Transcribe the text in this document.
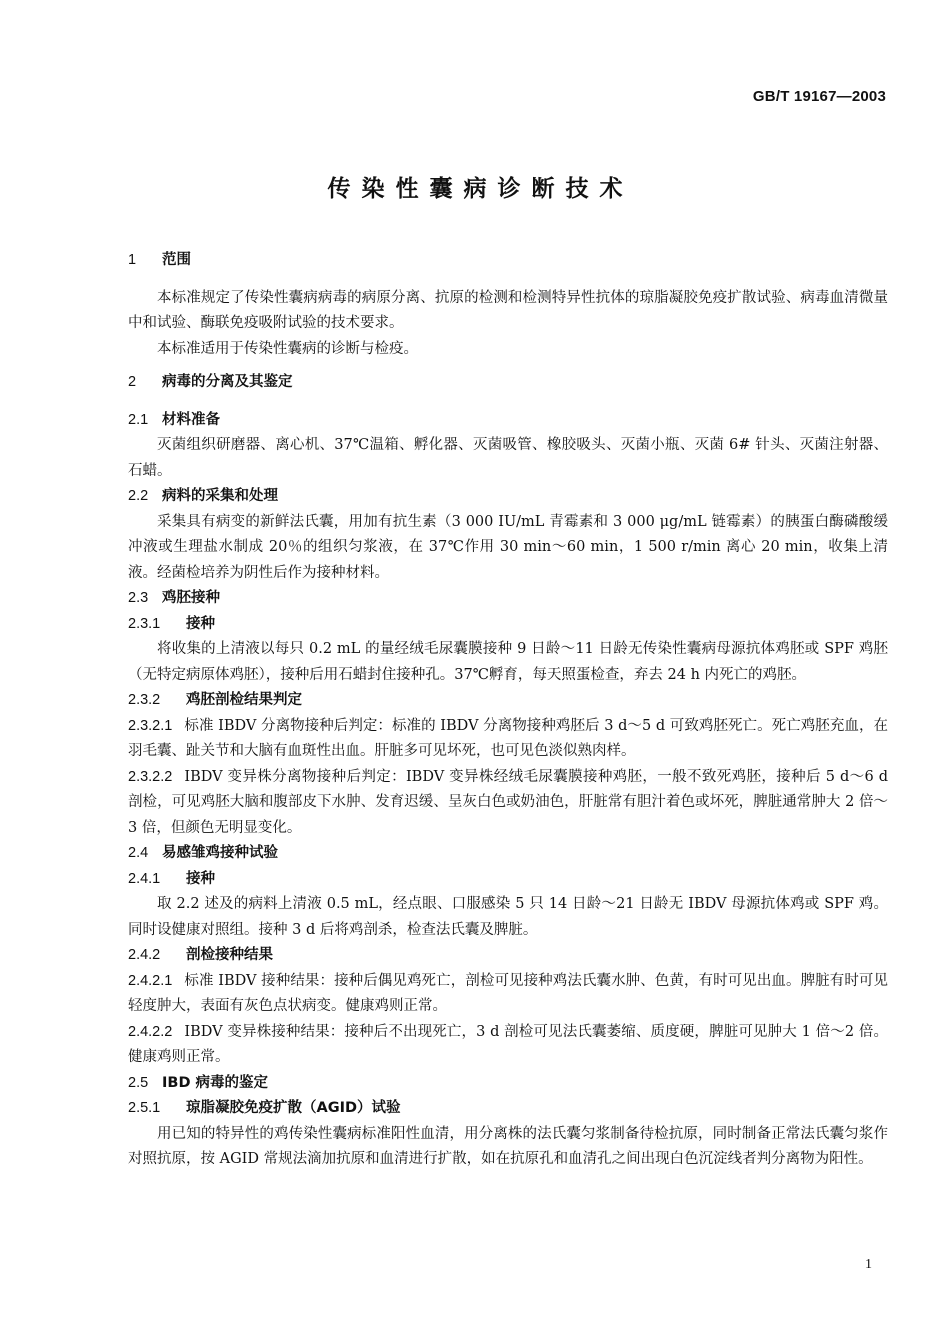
GB/T 19167—2003
传染性囊病诊断技术
1 范围

本标准规定了传染性囊病病毒的病原分离、抗原的检测和检测特异性抗体的琼脂凝胶免疫扩散试验、病毒血清微量中和试验、酶联免疫吸附试验的技术要求。

本标准适用于传染性囊病的诊断与检疫。

2 病毒的分离及其鉴定
2.1 材料准备

灭菌组织研磨器、离心机、37℃温箱、孵化器、灭菌吸管、橡胶吸头、灭菌小瓶、灭菌 6# 针头、灭菌注射器、石蜡。

2.2 病料的采集和处理

采集具有病变的新鲜法氏囊，用加有抗生素（3 000 IU/mL 青霉素和 3 000 μg/mL 链霉素）的胰蛋白酶磷酸缓冲液或生理盐水制成 20％的组织匀浆液，在 37℃作用 30 min～60 min，1 500 r/min 离心 20 min，收集上清液。经菌检培养为阴性后作为接种材料。

2.3 鸡胚接种
2.3.1 接种

将收集的上清液以每只 0.2 mL 的量经绒毛尿囊膜接种 9 日龄～11 日龄无传染性囊病母源抗体鸡胚或 SPF 鸡胚（无特定病原体鸡胚），接种后用石蜡封住接种孔。37℃孵育，每天照蛋检查，弃去 24 h 内死亡的鸡胚。

2.3.2 鸡胚剖检结果判定

2.3.2.1 标准 IBDV 分离物接种后判定：标准的 IBDV 分离物接种鸡胚后 3 d～5 d 可致鸡胚死亡。死亡鸡胚充血，在羽毛囊、趾关节和大脑有血斑性出血。肝脏多可见坏死，也可见色淡似熟肉样。

2.3.2.2 IBDV 变异株分离物接种后判定：IBDV 变异株经绒毛尿囊膜接种鸡胚，一般不致死鸡胚，接种后 5 d～6 d 剖检，可见鸡胚大脑和腹部皮下水肿、发育迟缓、呈灰白色或奶油色，肝脏常有胆汁着色或坏死，脾脏通常肿大 2 倍～3 倍，但颜色无明显变化。

2.4 易感雏鸡接种试验
2.4.1 接种

取 2.2 述及的病料上清液 0.5 mL，经点眼、口服感染 5 只 14 日龄～21 日龄无 IBDV 母源抗体鸡或 SPF 鸡。同时设健康对照组。接种 3 d 后将鸡剖杀，检查法氏囊及脾脏。

2.4.2 剖检接种结果

2.4.2.1 标准 IBDV 接种结果：接种后偶见鸡死亡，剖检可见接种鸡法氏囊水肿、色黄，有时可见出血。脾脏有时可见轻度肿大，表面有灰色点状病变。健康鸡则正常。

2.4.2.2 IBDV 变异株接种结果：接种后不出现死亡，3 d 剖检可见法氏囊萎缩、质度硬，脾脏可见肿大 1 倍～2 倍。健康鸡则正常。

2.5 IBD 病毒的鉴定
2.5.1 琼脂凝胶免疫扩散（AGID）试验

用已知的特异性的鸡传染性囊病标准阳性血清，用分离株的法氏囊匀浆制备待检抗原，同时制备正常法氏囊匀浆作对照抗原，按 AGID 常规法滴加抗原和血清进行扩散，如在抗原孔和血清孔之间出现白色沉淀线者判分离物为阳性。

1
